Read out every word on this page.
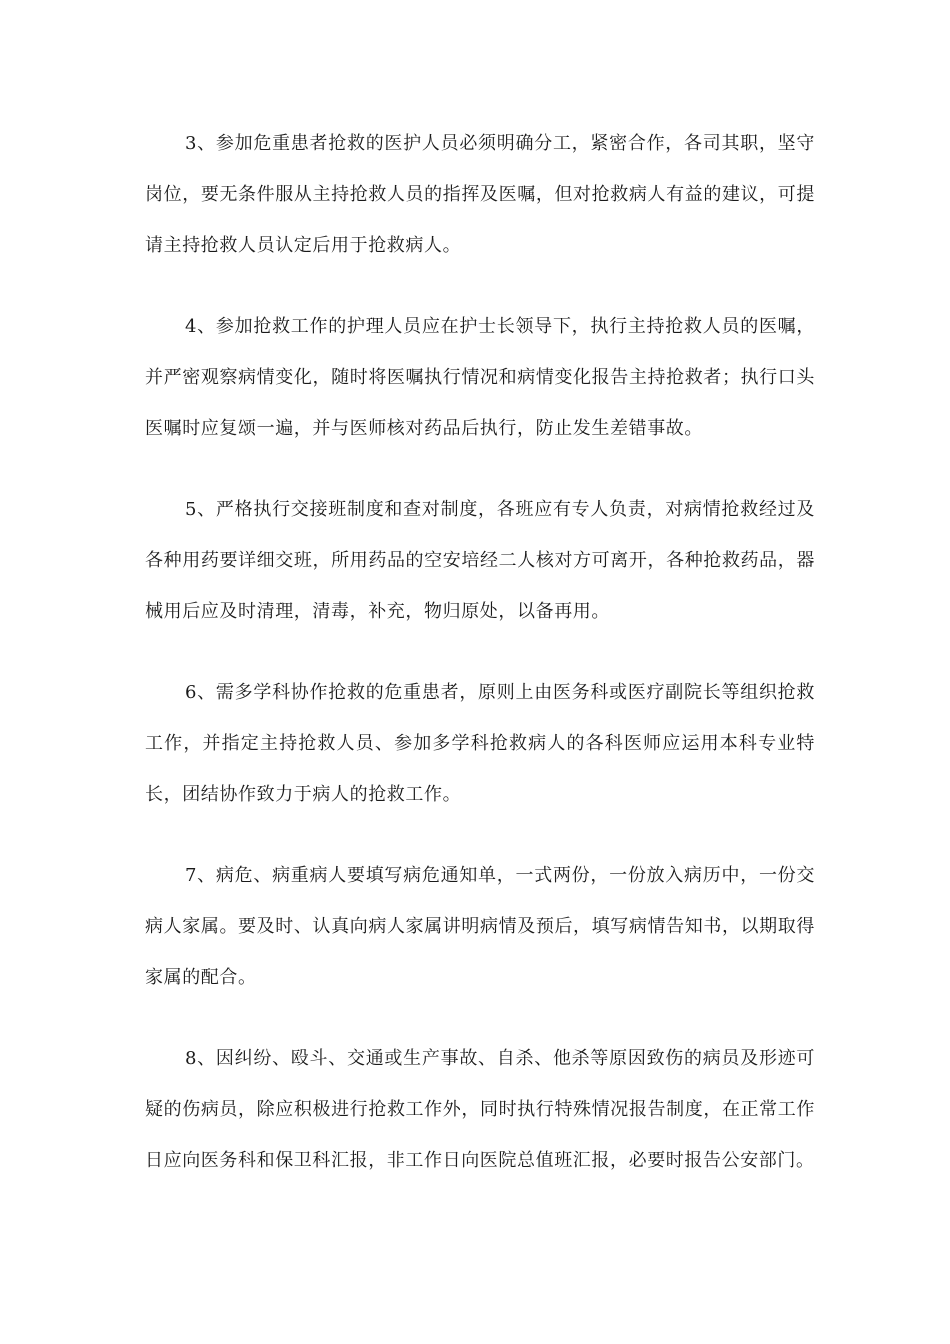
3、参加危重患者抢救的医护人员必须明确分工，紧密合作，各司其职，坚守岗位，要无条件服从主持抢救人员的指挥及医嘱，但对抢救病人有益的建议，可提请主持抢救人员认定后用于抢救病人。

4、参加抢救工作的护理人员应在护士长领导下，执行主持抢救人员的医嘱，并严密观察病情变化，随时将医嘱执行情况和病情变化报告主持抢救者；执行口头医嘱时应复颂一遍，并与医师核对药品后执行，防止发生差错事故。

5、严格执行交接班制度和查对制度，各班应有专人负责，对病情抢救经过及各种用药要详细交班，所用药品的空安培经二人核对方可离开，各种抢救药品，器械用后应及时清理，清毒，补充，物归原处，以备再用。

6、需多学科协作抢救的危重患者，原则上由医务科或医疗副院长等组织抢救工作，并指定主持抢救人员、参加多学科抢救病人的各科医师应运用本科专业特长，团结协作致力于病人的抢救工作。

7、病危、病重病人要填写病危通知单，一式两份，一份放入病历中，一份交病人家属。要及时、认真向病人家属讲明病情及预后，填写病情告知书，以期取得家属的配合。

8、因纠纷、殴斗、交通或生产事故、自杀、他杀等原因致伤的病员及形迹可疑的伤病员，除应积极进行抢救工作外，同时执行特殊情况报告制度，在正常工作日应向医务科和保卫科汇报，非工作日向医院总值班汇报，必要时报告公安部门。
